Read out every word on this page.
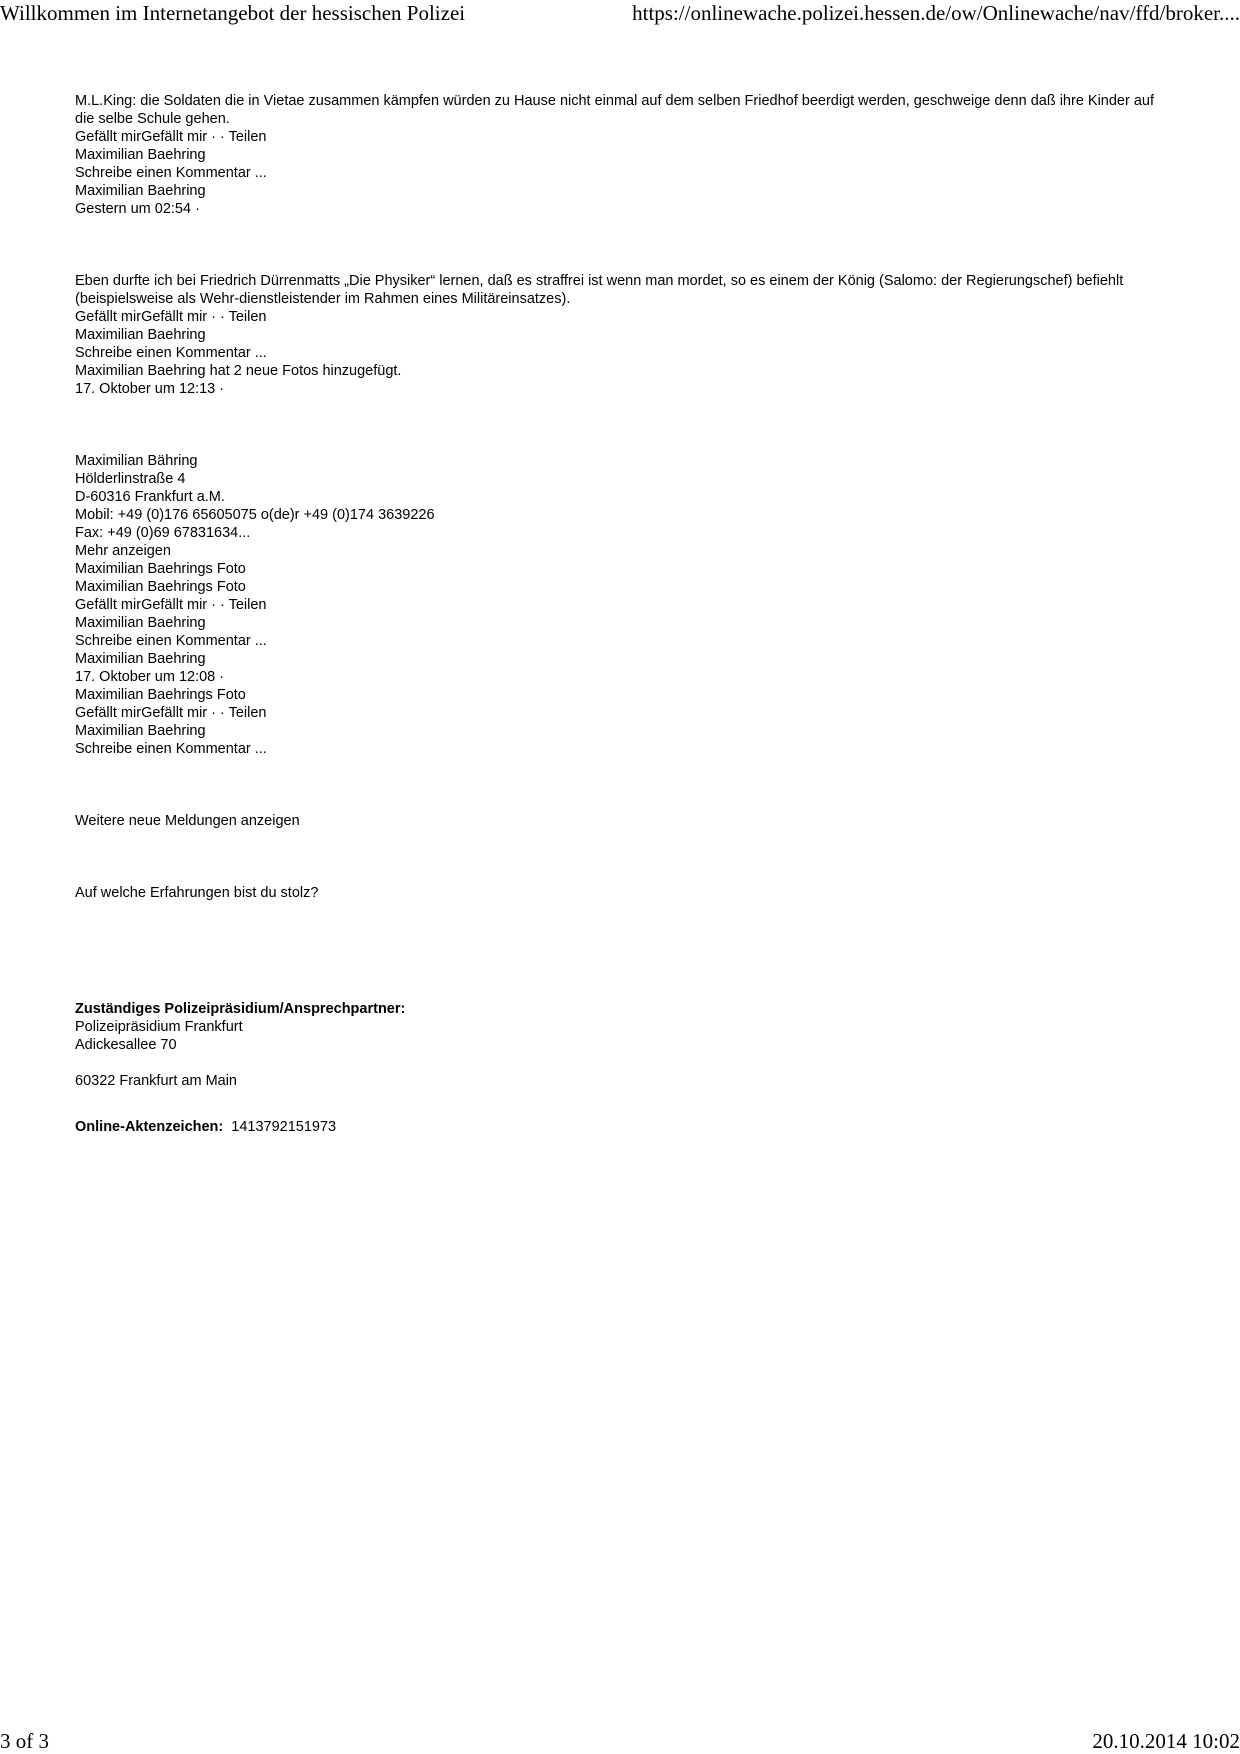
Willkommen im Internetangebot der hessischen Polizei	https://onlinewache.polizei.hessen.de/ow/Onlinewache/nav/ffd/broker....
M.L.King: die Soldaten die in Vietae zusammen kämpfen würden zu Hause nicht einmal auf dem selben Friedhof beerdigt werden, geschweige denn daß ihre Kinder auf die selbe Schule gehen.
Gefällt mirGefällt mir · · Teilen
Maximilian Baehring
Schreibe einen Kommentar ...
Maximilian Baehring
Gestern um 02:54 ·
Eben durfte ich bei Friedrich Dürrenmatts „Die Physiker“ lernen, daß es straffrei ist wenn man mordet, so es einem der König (Salomo: der Regierungschef) befiehlt (beispielsweise als Wehr-dienstleistender im Rahmen eines Militäreinsatzes).
Gefällt mirGefällt mir · · Teilen
Maximilian Baehring
Schreibe einen Kommentar ...
Maximilian Baehring hat 2 neue Fotos hinzugefügt.
17. Oktober um 12:13 ·
Maximilian Bähring
Hölderlinstraße 4
D-60316 Frankfurt a.M.
Mobil: +49 (0)176 65605075 o(de)r +49 (0)174 3639226
Fax: +49 (0)69 67831634...
Mehr anzeigen
Maximilian Baehrings Foto
Maximilian Baehrings Foto
Gefällt mirGefällt mir · · Teilen
Maximilian Baehring
Schreibe einen Kommentar ...
Maximilian Baehring
17. Oktober um 12:08 ·
Maximilian Baehrings Foto
Gefällt mirGefällt mir · · Teilen
Maximilian Baehring
Schreibe einen Kommentar ...
Weitere neue Meldungen anzeigen
Auf welche Erfahrungen bist du stolz?
Zuständiges Polizeipräsidium/Ansprechpartner:
Polizeipräsidium Frankfurt
Adickesallee 70
60322 Frankfurt am Main
Online-Aktenzeichen: 1413792151973
3 of 3	20.10.2014 10:02
